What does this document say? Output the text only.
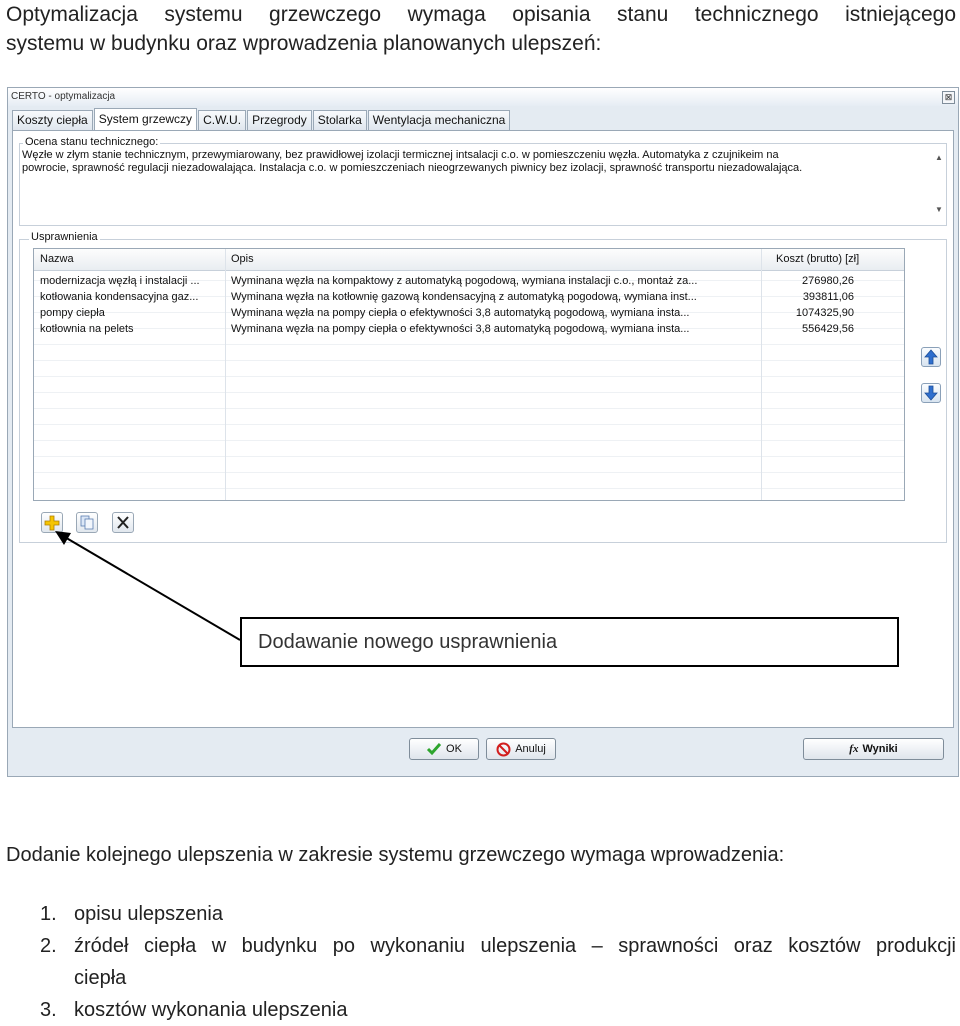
Optymalizacja systemu grzewczego wymaga opisania stanu technicznego istniejącego
systemu w budynku oraz wprowadzenia planowanych ulepszeń:
CERTO - optymalizacja	⊠
Koszty ciepła System grzewczy C.W.U. Przegrody Stolarka Wentylacja mechaniczna
Ocena stanu technicznego:
Węzłe w złym stanie technicznym, przewymiarowany, bez prawidłowej izolacji termicznej intsalacji c.o. w pomieszczeniu węzła. Automatyka z czujnikeim na
powrocie, sprawność regulacji niezadowalająca. Instalacja c.o. w pomieszczeniach nieogrzewanych piwnicy bez izolacji, sprawność transportu niezadowalająca.
▲
▼
Usprawnienia
Nazwa	Opis	Koszt (brutto) [zł]
modernizacja węzłą i instalacji ...	Wyminana węzła na kompaktowy z automatyką pogodową, wymiana instalacji c.o., montaż za...	276980,26
kotłowania kondensacyjna gaz...	Wyminana węzła na kotłownię gazową kondensacyjną z automatyką pogodową, wymiana inst...	393811,06
pompy ciepła	Wyminana węzła na pompy ciepła o efektywności 3,8 automatyką pogodową, wymiana insta...	1074325,90
kotłownia na pelets	Wyminana węzła na pompy ciepła o efektywności 3,8 automatyką pogodową, wymiana insta...	556429,56
OK	Anuluj	fx Wyniki
Dodawanie nowego usprawnienia
Dodanie kolejnego ulepszenia w zakresie systemu grzewczego wymaga wprowadzenia:
1. opisu ulepszenia
2. źródeł ciepła w budynku po wykonaniu ulepszenia – sprawności oraz kosztów produkcji
ciepła
3. kosztów wykonania ulepszenia
